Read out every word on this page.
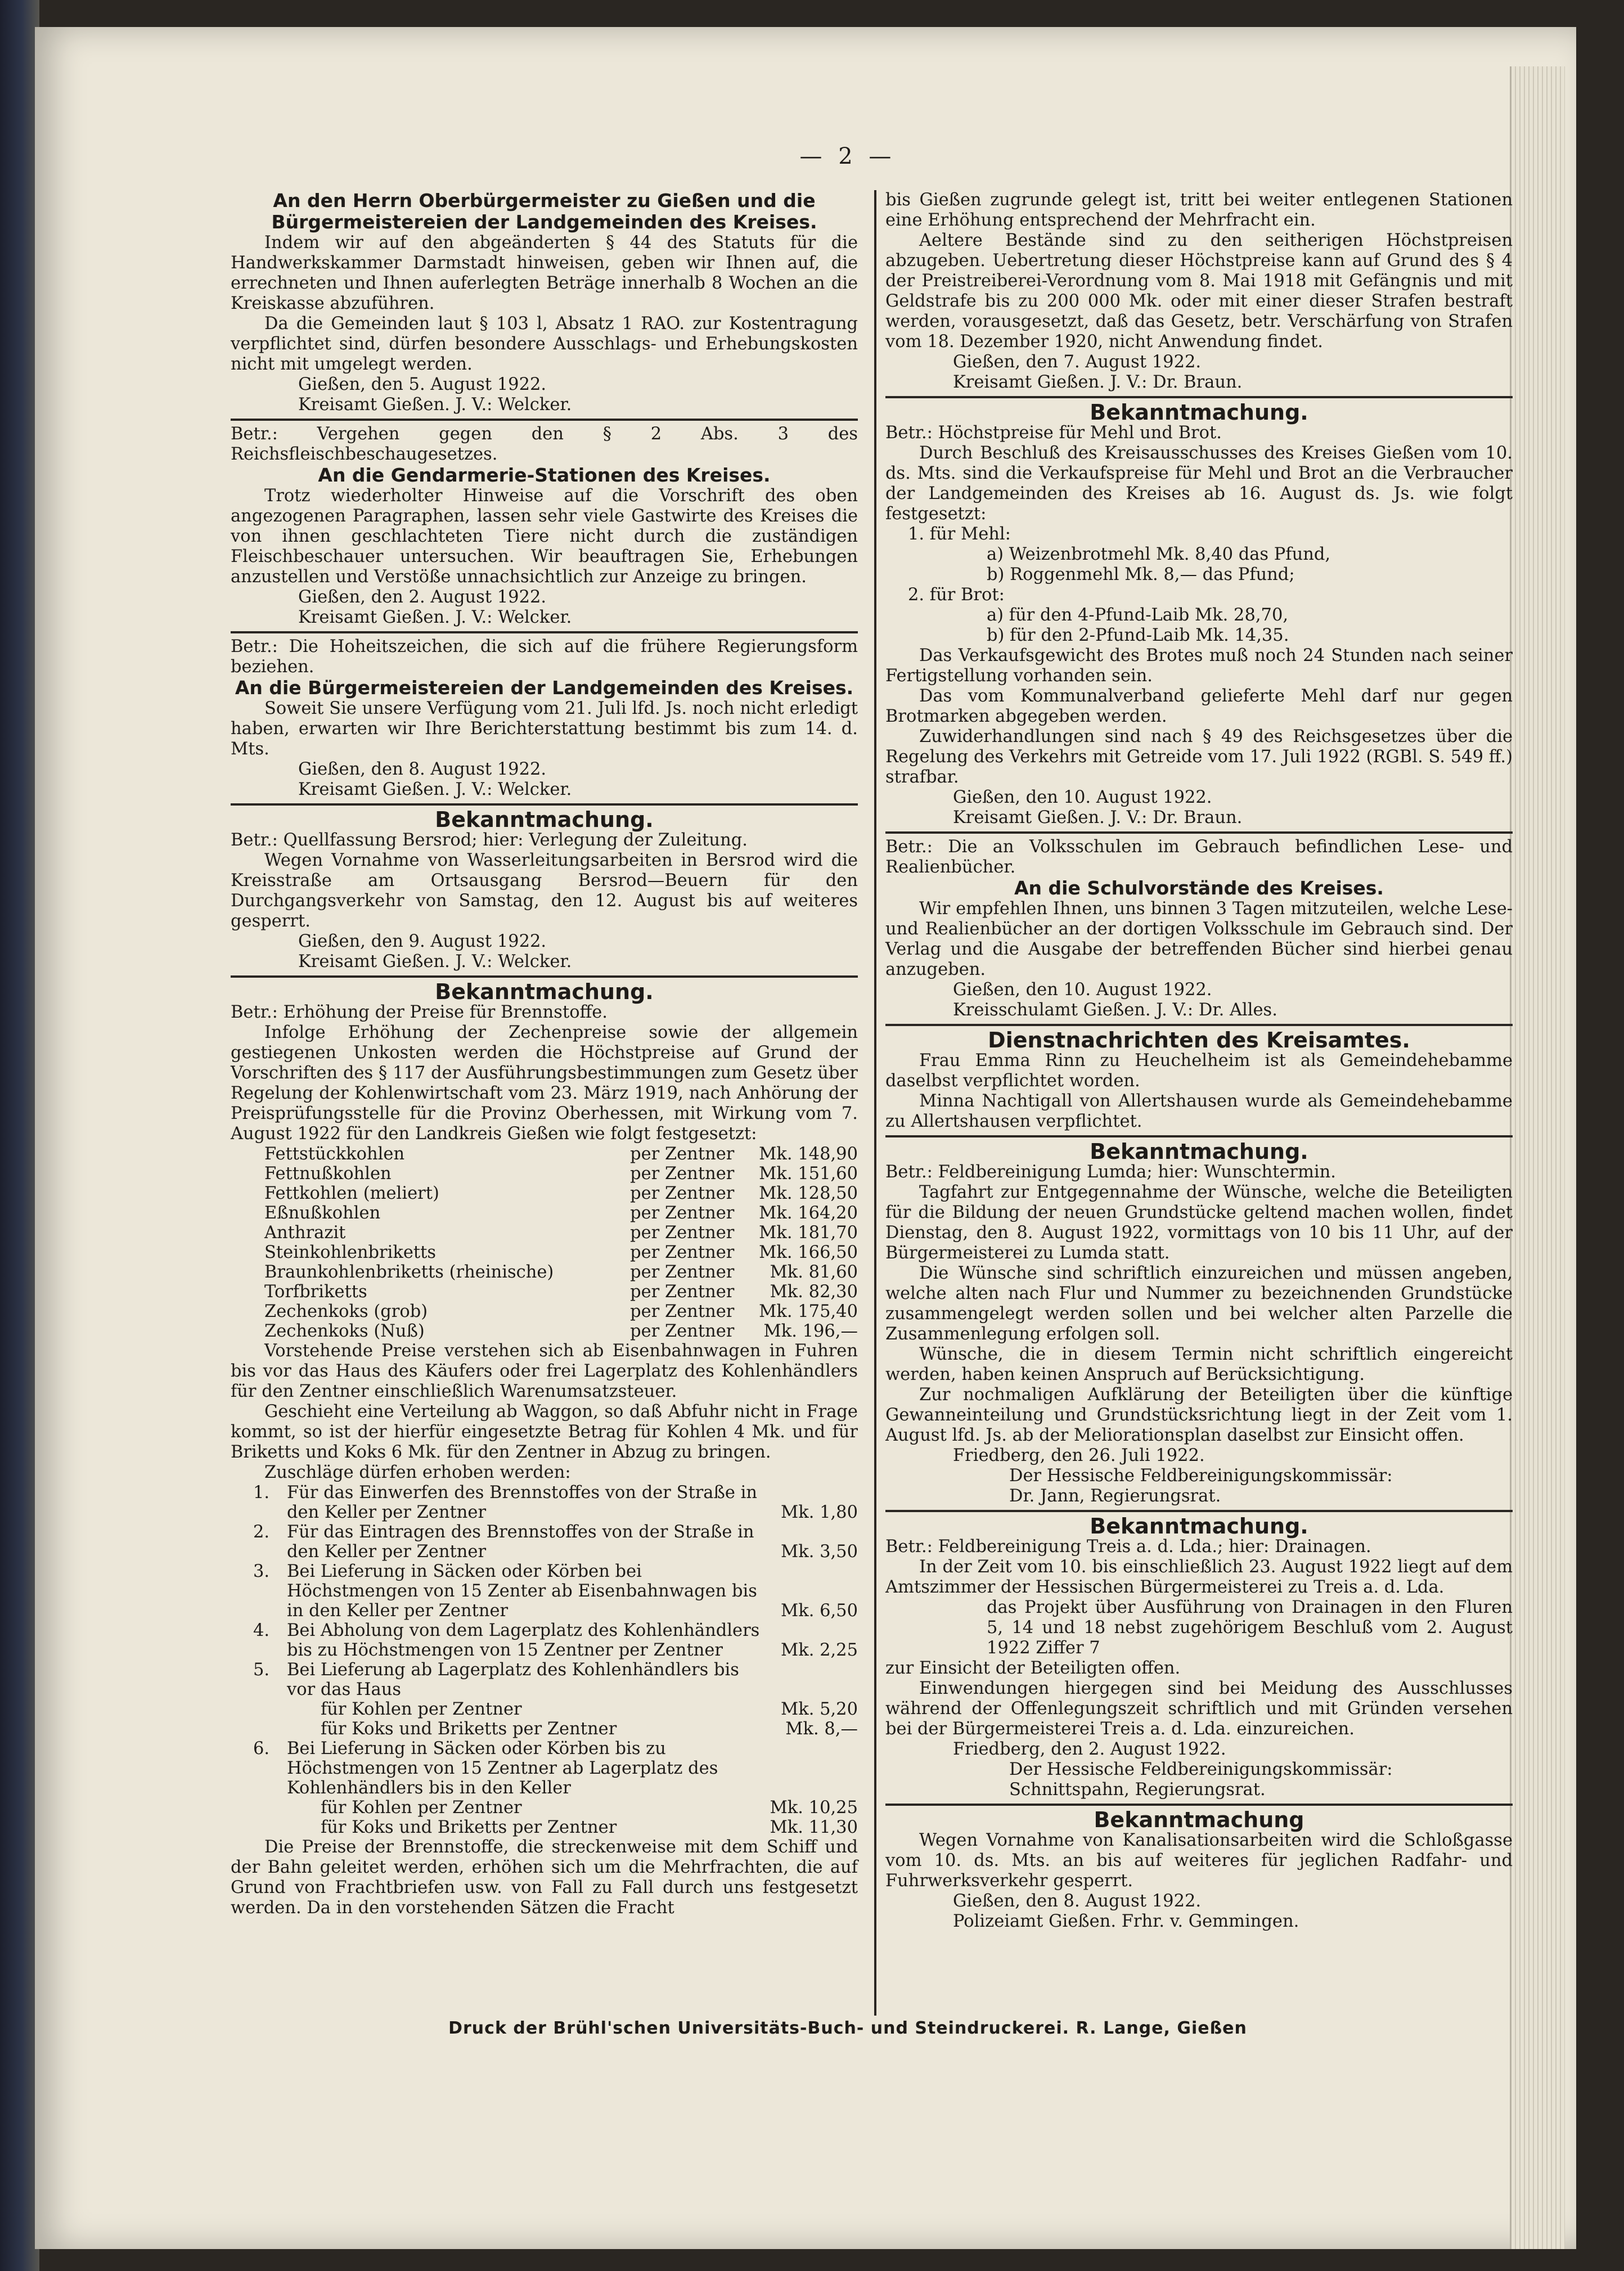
— 2 —
An den Herrn Oberbürgermeister zu Gießen und die Bürgermeistereien der Landgemeinden des Kreises.

Indem wir auf den abgeänderten § 44 des Statuts für die Handwerkskammer Darmstadt hinweisen, geben wir Ihnen auf, die errechneten und Ihnen auferlegten Beträge innerhalb 8 Wochen an die Kreiskasse abzuführen.

Da die Gemeinden laut § 103 l, Absatz 1 RAO. zur Kostentragung verpflichtet sind, dürfen besondere Ausschlags- und Erhebungskosten nicht mit umgelegt werden.

Gießen, den 5. August 1922.

Kreisamt Gießen. J. V.: Welcker.

Betr.: Vergehen gegen den § 2 Abs. 3 des Reichsfleischbeschaugesetzes.

An die Gendarmerie-Stationen des Kreises.

Trotz wiederholter Hinweise auf die Vorschrift des oben angezogenen Paragraphen, lassen sehr viele Gastwirte des Kreises die von ihnen geschlachteten Tiere nicht durch die zuständigen Fleischbeschauer untersuchen. Wir beauftragen Sie, Erhebungen anzustellen und Verstöße unnachsichtlich zur Anzeige zu bringen.

Gießen, den 2. August 1922.

Kreisamt Gießen. J. V.: Welcker.

Betr.: Die Hoheitszeichen, die sich auf die frühere Regierungsform beziehen.

An die Bürgermeistereien der Landgemeinden des Kreises.

Soweit Sie unsere Verfügung vom 21. Juli lfd. Js. noch nicht erledigt haben, erwarten wir Ihre Berichterstattung bestimmt bis zum 14. d. Mts.

Gießen, den 8. August 1922.

Kreisamt Gießen. J. V.: Welcker.

Bekanntmachung.

Betr.: Quellfassung Bersrod; hier: Verlegung der Zuleitung.

Wegen Vornahme von Wasserleitungsarbeiten in Bersrod wird die Kreisstraße am Ortsausgang Bersrod—Beuern für den Durchgangsverkehr von Samstag, den 12. August bis auf weiteres gesperrt.

Gießen, den 9. August 1922.

Kreisamt Gießen. J. V.: Welcker.

Bekanntmachung.

Betr.: Erhöhung der Preise für Brennstoffe.

Infolge Erhöhung der Zechenpreise sowie der allgemein gestiegenen Unkosten werden die Höchstpreise auf Grund der Vorschriften des § 117 der Ausführungsbestimmungen zum Gesetz über Regelung der Kohlenwirtschaft vom 23. März 1919, nach Anhörung der Preisprüfungsstelle für die Provinz Oberhessen, mit Wirkung vom 7. August 1922 für den Landkreis Gießen wie folgt festgesetzt:

Fettstückkohlen	per Zentner	Mk. 148,90
Fettnußkohlen	per Zentner	Mk. 151,60
Fettkohlen (meliert)	per Zentner	Mk. 128,50
Eßnußkohlen	per Zentner	Mk. 164,20
Anthrazit	per Zentner	Mk. 181,70
Steinkohlenbriketts	per Zentner	Mk. 166,50
Braunkohlenbriketts (rheinische)	per Zentner	Mk. 81,60
Torfbriketts	per Zentner	Mk. 82,30
Zechenkoks (grob)	per Zentner	Mk. 175,40
Zechenkoks (Nuß)	per Zentner	Mk. 196,—

Vorstehende Preise verstehen sich ab Eisenbahnwagen in Fuhren bis vor das Haus des Käufers oder frei Lagerplatz des Kohlenhändlers für den Zentner einschließlich Warenumsatzsteuer.

Geschieht eine Verteilung ab Waggon, so daß Abfuhr nicht in Frage kommt, so ist der hierfür eingesetzte Betrag für Kohlen 4 Mk. und für Briketts und Koks 6 Mk. für den Zentner in Abzug zu bringen.

Zuschläge dürfen erhoben werden:

1.	Für das Einwerfen des Brennstoffes von der Straße in den Keller per Zentner	Mk. 1,80
2.	Für das Eintragen des Brennstoffes von der Straße in den Keller per Zentner	Mk. 3,50
3.	Bei Lieferung in Säcken oder Körben bei Höchstmengen von 15 Zenter ab Eisenbahnwagen bis in den Keller per Zentner	Mk. 6,50
4.	Bei Abholung von dem Lagerplatz des Kohlenhändlers bis zu Höchstmengen von 15 Zentner per Zentner	Mk. 2,25
5.	Bei Lieferung ab Lagerplatz des Kohlenhändlers bis vor das Haus	
	für Kohlen per Zentner	Mk. 5,20
	für Koks und Briketts per Zentner	Mk. 8,—
6.	Bei Lieferung in Säcken oder Körben bis zu Höchstmengen von 15 Zentner ab Lagerplatz des Kohlenhändlers bis in den Keller	
	für Kohlen per Zentner	Mk. 10,25
	für Koks und Briketts per Zentner	Mk. 11,30

Die Preise der Brennstoffe, die streckenweise mit dem Schiff und der Bahn geleitet werden, erhöhen sich um die Mehrfrachten, die auf Grund von Frachtbriefen usw. von Fall zu Fall durch uns festgesetzt werden. Da in den vorstehenden Sätzen die Fracht

bis Gießen zugrunde gelegt ist, tritt bei weiter entlegenen Stationen eine Erhöhung entsprechend der Mehrfracht ein.

Aeltere Bestände sind zu den seitherigen Höchstpreisen abzugeben. Uebertretung dieser Höchstpreise kann auf Grund des § 4 der Preistreiberei-Verordnung vom 8. Mai 1918 mit Gefängnis und mit Geldstrafe bis zu 200 000 Mk. oder mit einer dieser Strafen bestraft werden, vorausgesetzt, daß das Gesetz, betr. Verschärfung von Strafen vom 18. Dezember 1920, nicht Anwendung findet.

Gießen, den 7. August 1922.

Kreisamt Gießen. J. V.: Dr. Braun.

Bekanntmachung.

Betr.: Höchstpreise für Mehl und Brot.

Durch Beschluß des Kreisausschusses des Kreises Gießen vom 10. ds. Mts. sind die Verkaufspreise für Mehl und Brot an die Verbraucher der Landgemeinden des Kreises ab 16. August ds. Js. wie folgt festgesetzt:

1. für Mehl:

a) Weizenbrotmehl Mk. 8,40 das Pfund,

b) Roggenmehl Mk. 8,— das Pfund;

2. für Brot:

a) für den 4-Pfund-Laib Mk. 28,70,

b) für den 2-Pfund-Laib Mk. 14,35.

Das Verkaufsgewicht des Brotes muß noch 24 Stunden nach seiner Fertigstellung vorhanden sein.

Das vom Kommunalverband gelieferte Mehl darf nur gegen Brotmarken abgegeben werden.

Zuwiderhandlungen sind nach § 49 des Reichsgesetzes über die Regelung des Verkehrs mit Getreide vom 17. Juli 1922 (RGBl. S. 549 ff.) strafbar.

Gießen, den 10. August 1922.

Kreisamt Gießen. J. V.: Dr. Braun.

Betr.: Die an Volksschulen im Gebrauch befindlichen Lese- und Realienbücher.

An die Schulvorstände des Kreises.

Wir empfehlen Ihnen, uns binnen 3 Tagen mitzuteilen, welche Lese- und Realienbücher an der dortigen Volksschule im Gebrauch sind. Der Verlag und die Ausgabe der betreffenden Bücher sind hierbei genau anzugeben.

Gießen, den 10. August 1922.

Kreisschulamt Gießen. J. V.: Dr. Alles.

Dienstnachrichten des Kreisamtes.

Frau Emma Rinn zu Heuchelheim ist als Gemeindehebamme daselbst verpflichtet worden.

Minna Nachtigall von Allertshausen wurde als Gemeindehebamme zu Allertshausen verpflichtet.

Bekanntmachung.

Betr.: Feldbereinigung Lumda; hier: Wunschtermin.

Tagfahrt zur Entgegennahme der Wünsche, welche die Beteiligten für die Bildung der neuen Grundstücke geltend machen wollen, findet Dienstag, den 8. August 1922, vormittags von 10 bis 11 Uhr, auf der Bürgermeisterei zu Lumda statt.

Die Wünsche sind schriftlich einzureichen und müssen angeben, welche alten nach Flur und Nummer zu bezeichnenden Grundstücke zusammengelegt werden sollen und bei welcher alten Parzelle die Zusammenlegung erfolgen soll.

Wünsche, die in diesem Termin nicht schriftlich eingereicht werden, haben keinen Anspruch auf Berücksichtigung.

Zur nochmaligen Aufklärung der Beteiligten über die künftige Gewanneinteilung und Grundstücksrichtung liegt in der Zeit vom 1. August lfd. Js. ab der Meliorationsplan daselbst zur Einsicht offen.

Friedberg, den 26. Juli 1922.

Der Hessische Feldbereinigungskommissär:

Dr. Jann, Regierungsrat.

Bekanntmachung.

Betr.: Feldbereinigung Treis a. d. Lda.; hier: Drainagen.

In der Zeit vom 10. bis einschließlich 23. August 1922 liegt auf dem Amtszimmer der Hessischen Bürgermeisterei zu Treis a. d. Lda.

das Projekt über Ausführung von Drainagen in den Fluren 5, 14 und 18 nebst zugehörigem Beschluß vom 2. August 1922 Ziffer 7

zur Einsicht der Beteiligten offen.

Einwendungen hiergegen sind bei Meidung des Ausschlusses während der Offenlegungszeit schriftlich und mit Gründen versehen bei der Bürgermeisterei Treis a. d. Lda. einzureichen.

Friedberg, den 2. August 1922.

Der Hessische Feldbereinigungskommissär:

Schnittspahn, Regierungsrat.

Bekanntmachung

Wegen Vornahme von Kanalisationsarbeiten wird die Schloßgasse vom 10. ds. Mts. an bis auf weiteres für jeglichen Radfahr- und Fuhrwerksverkehr gesperrt.

Gießen, den 8. August 1922.

Polizeiamt Gießen. Frhr. v. Gemmingen.

Druck der Brühl'schen Universitäts-Buch- und Steindruckerei. R. Lange, Gießen
